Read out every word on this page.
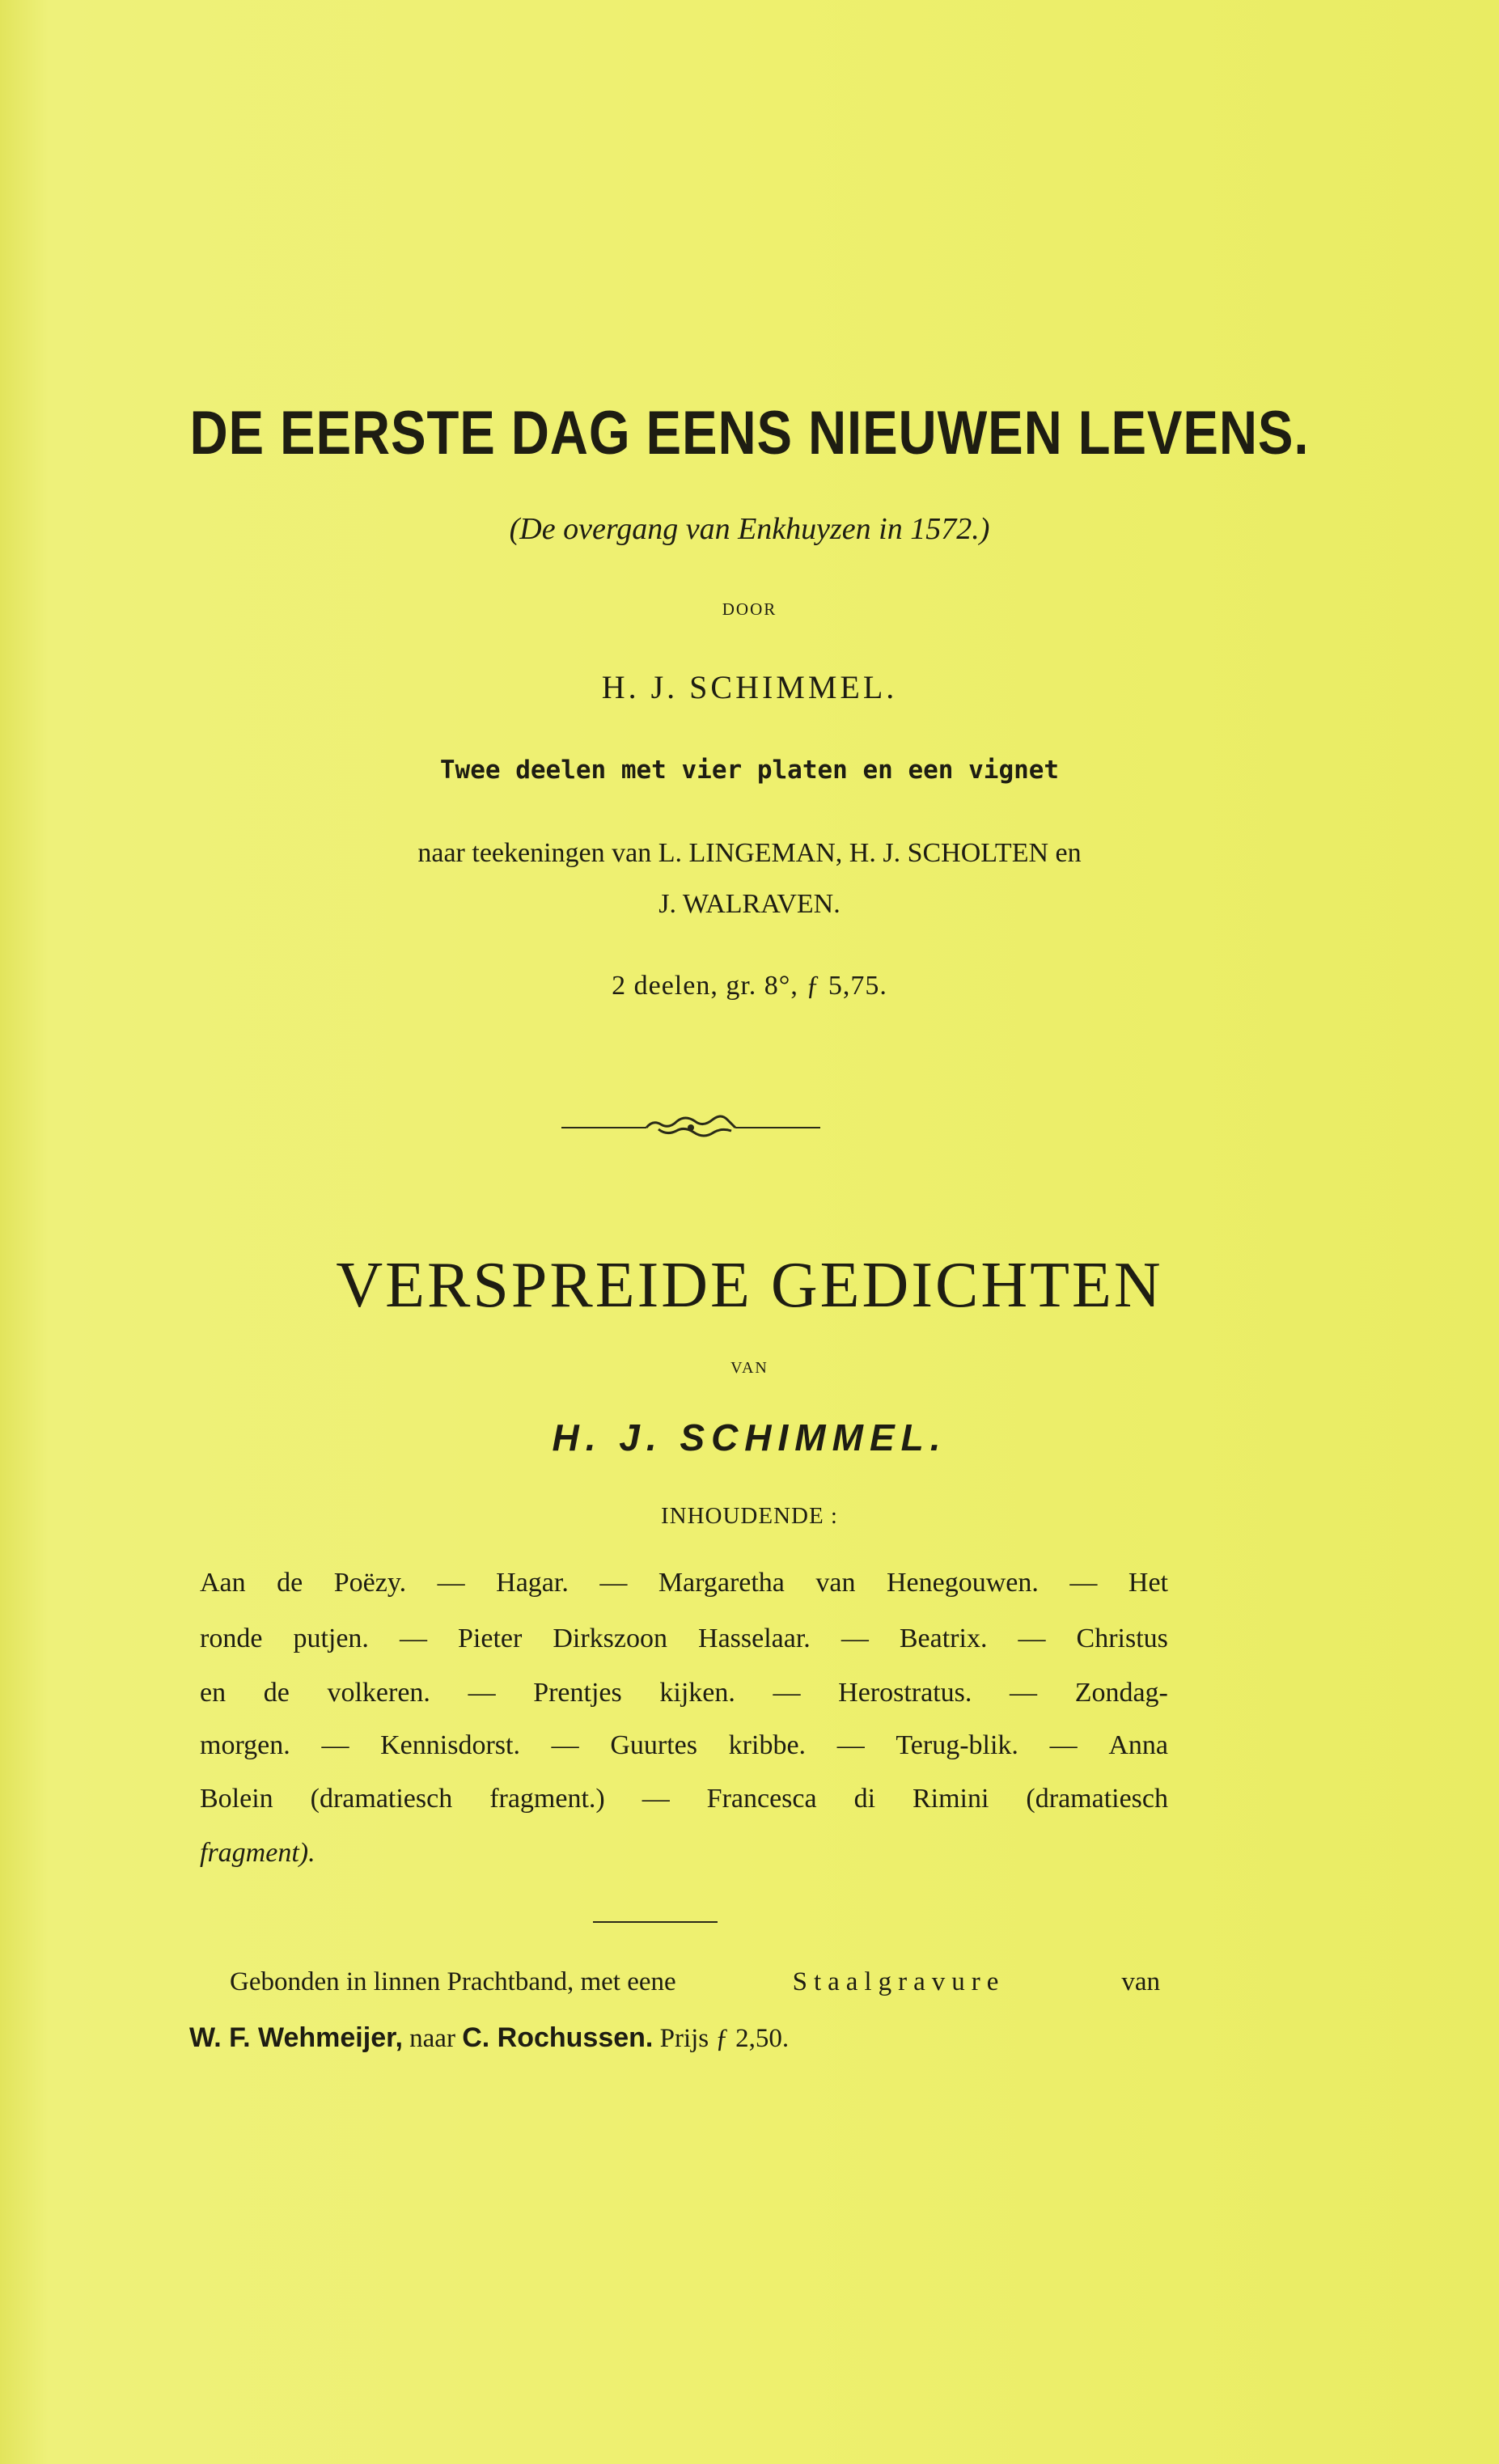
DE EERSTE DAG EENS NIEUWEN LEVENS.
(De overgang van Enkhuyzen in 1572.)
DOOR
H. J. SCHIMMEL.
Twee deelen met vier platen en een vignet
naar teekeningen van L. LINGEMAN, H. J. SCHOLTEN en
J. WALRAVEN.
2 deelen, gr. 8°, ƒ 5,75.
VERSPREIDE GEDICHTEN
VAN
H. J. SCHIMMEL.
INHOUDENDE :
Aan de Poëzy. — Hagar. — Margaretha van Henegouwen. — Het
ronde putjen. — Pieter Dirkszoon Hasselaar. — Beatrix. — Christus
en de volkeren. — Prentjes kijken. — Herostratus. — Zondag-
morgen. — Kennisdorst. — Guurtes kribbe. — Terug-blik. — Anna
Bolein (dramatiesch fragment.) — Francesca di Rimini (dramatiesch
fragment).
Gebonden in linnen Prachtband, met eene	Staalgravure	van
W. F. Wehmeijer, naar C. Rochussen. Prijs ƒ 2,50.
